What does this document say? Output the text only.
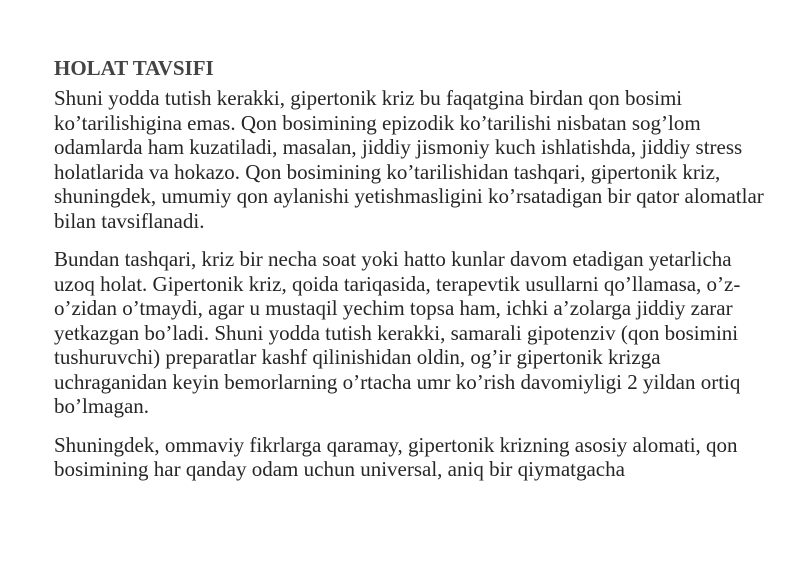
HOLAT TAVSIFI

Shuni yodda tutish kerakki, gipertonik kriz bu faqatgina birdan qon bosimi ko’tarilishigina emas. Qon bosimining epizodik ko’tarilishi nisbatan sog’lom odamlarda ham kuzatiladi, masalan, jiddiy jismoniy kuch ishlatishda, jiddiy stress holatlarida va hokazo. Qon bosimining ko’tarilishidan tashqari, gipertonik kriz, shuningdek, umumiy qon aylanishi yetishmasligini ko’rsatadigan bir qator alomatlar bilan tavsiflanadi.

Bundan tashqari, kriz bir necha soat yoki hatto kunlar davom etadigan yetarlicha uzoq holat. Gipertonik kriz, qoida tariqasida, terapevtik usullarni qo’llamasa, o’z-o’zidan o’tmaydi, agar u mustaqil yechim topsa ham, ichki a’zolarga jiddiy zarar yetkazgan bo’ladi. Shuni yodda tutish kerakki, samarali gipotenziv (qon bosimini tushuruvchi) preparatlar kashf qilinishidan oldin, og’ir gipertonik krizga uchraganidan keyin bemorlarning o’rtacha umr ko’rish davomiyligi 2 yildan ortiq bo’lmagan.

Shuningdek, ommaviy fikrlarga qaramay, gipertonik krizning asosiy alomati, qon bosimining har qanday odam uchun universal, aniq bir qiymatgacha
